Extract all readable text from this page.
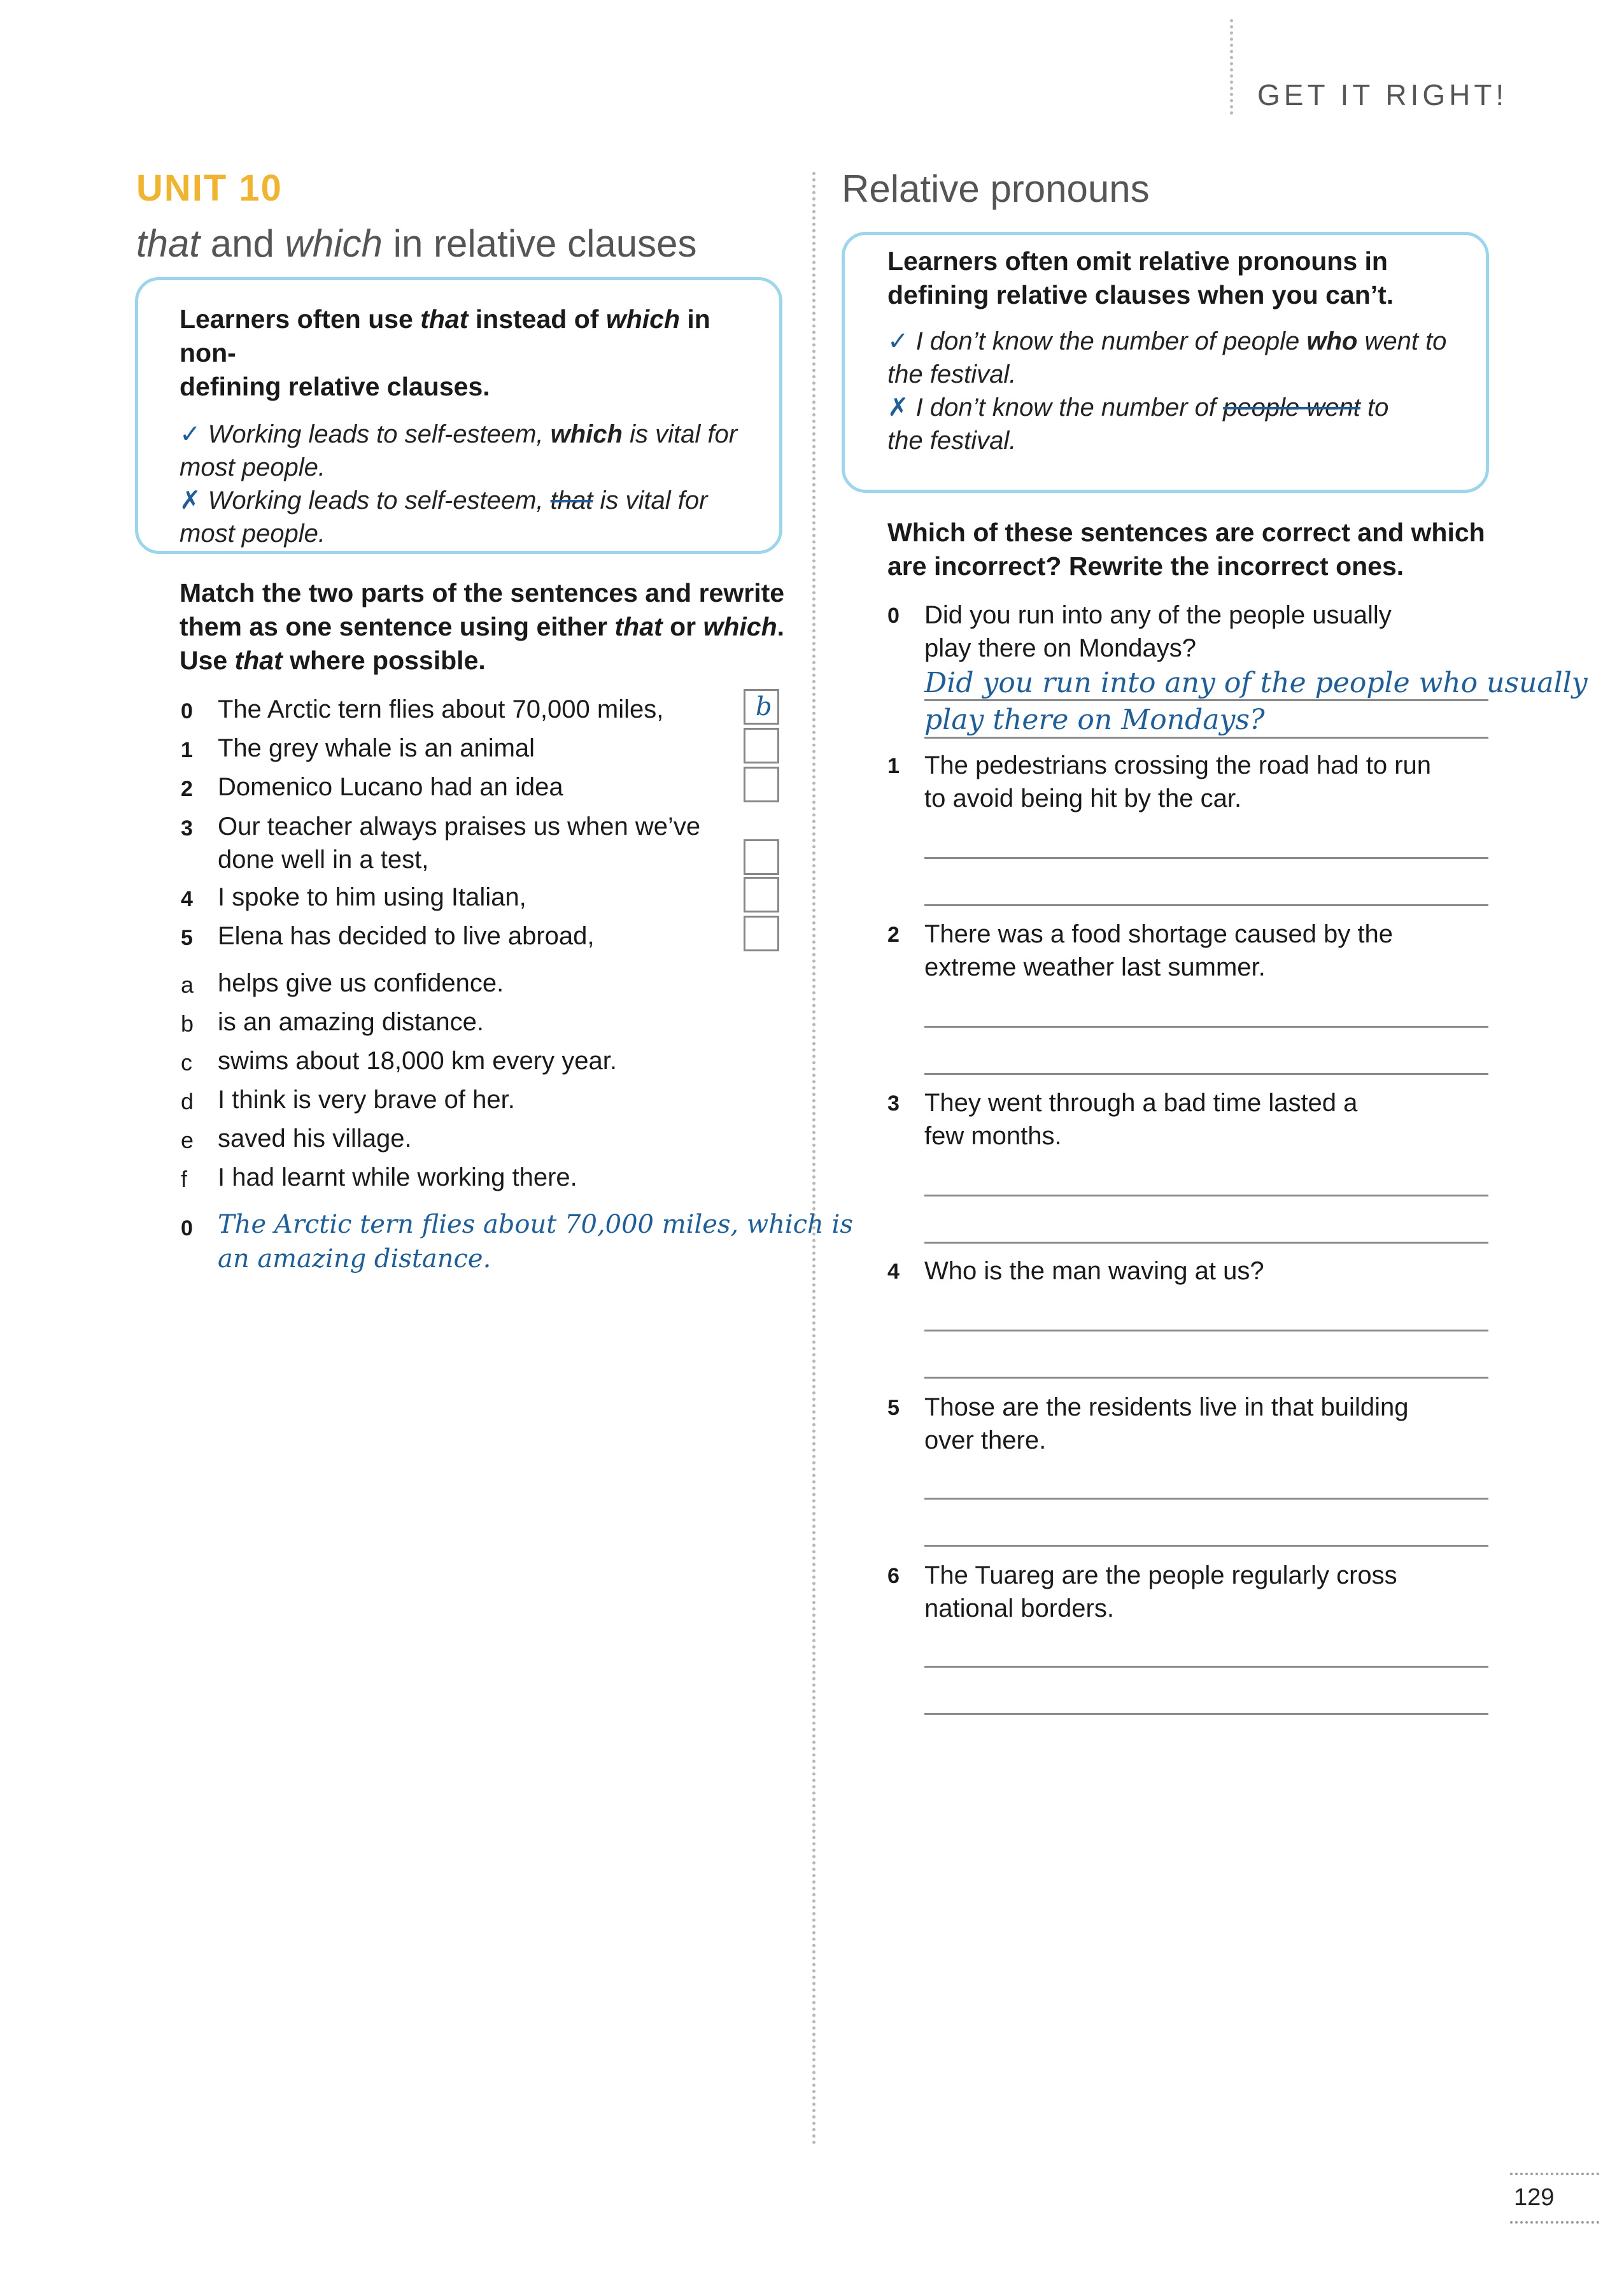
GET IT RIGHT!
UNIT 10
that and which in relative clauses
Learners often use that instead of which in non-
defining relative clauses.
✓ Working leads to self-esteem, which is vital for
most people.
✗ Working leads to self-esteem, that is vital for
most people.
Match the two parts of the sentences and rewrite
them as one sentence using either that or which.
Use that where possible.
0 The Arctic tern flies about 70,000 miles,	b
1 The grey whale is an animal
2 Domenico Lucano had an idea
3 Our teacher always praises us when we’ve
done well in a test,
4 I spoke to him using Italian,
5 Elena has decided to live abroad,
a helps give us confidence.
b is an amazing distance.
c swims about 18,000 km every year.
d I think is very brave of her.
e saved his village.
f I had learnt while working there.
0 The Arctic tern flies about 70,000 miles, which is
an amazing distance.
Relative pronouns
Learners often omit relative pronouns in
defining relative clauses when you can’t.
✓ I don’t know the number of people who went to
the festival.
✗ I don’t know the number of people went to
the festival.
Which of these sentences are correct and which
are incorrect? Rewrite the incorrect ones.
0 Did you run into any of the people usually
play there on Mondays?
Did you run into any of the people who usually
play there on Mondays?
1 The pedestrians crossing the road had to run
to avoid being hit by the car.
2 There was a food shortage caused by the
extreme weather last summer.
3 They went through a bad time lasted a
few months.
4 Who is the man waving at us?
5 Those are the residents live in that building
over there.
6 The Tuareg are the people regularly cross
national borders.
129
